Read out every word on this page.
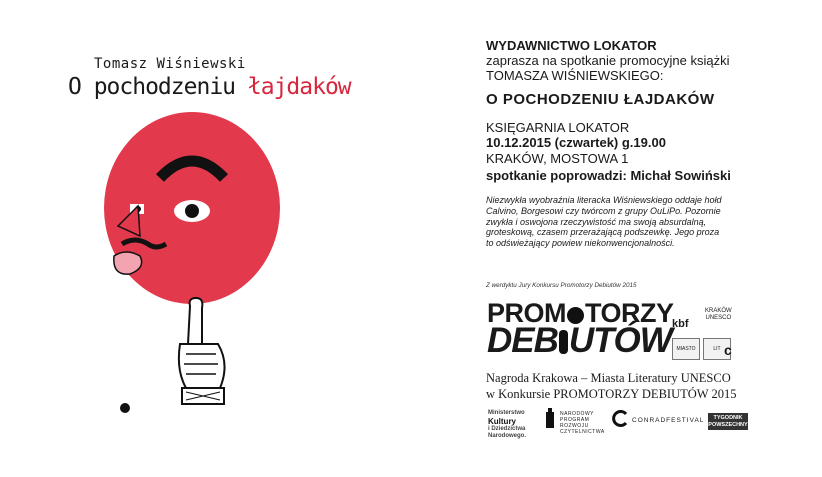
Tomasz Wiśniewski
O pochodzeniu łajdaków
WYDAWNICTWO LOKATOR
zaprasza na spotkanie promocyjne książki
TOMASZA WIŚNIEWSKIEGO:
O POCHODZENIU ŁAJDAKÓW
KSIĘGARNIA LOKATOR
10.12.2015 (czwartek) g.19.00
KRAKÓW, MOSTOWA 1
spotkanie poprowadzi: Michał Sowiński
Niezwykła wyobraźnia literacka Wiśniewskiego oddaje hołd Calvino, Borgesowi czy twórcom z grupy OuLiPo. Pozornie zwykła i oswojona rzeczywistość ma swoją absurdalną, groteskową, czasem przerażającą podszewkę. Jego proza to odświeżający powiew niekonwencjonalności.
Z werdyktu Jury Konkursu Promotorzy Debiutów 2015
PROM TORZY
DEB UTÓW kbf
KRAKÓW
UNESCO
MIASTO	LIT c
Nagroda Krakowa – Miasta Literatury UNESCO
w Konkursie PROMOTORZY DEBIUTÓW 2015
Ministerstwo
Kultury
i Dziedzictwa
Narodowego.
NARODOWY
PROGRAM
ROZWOJU
CZYTELNICTWA
CONRADFESTIVAL	TYGODNIK
POWSZECHNY
